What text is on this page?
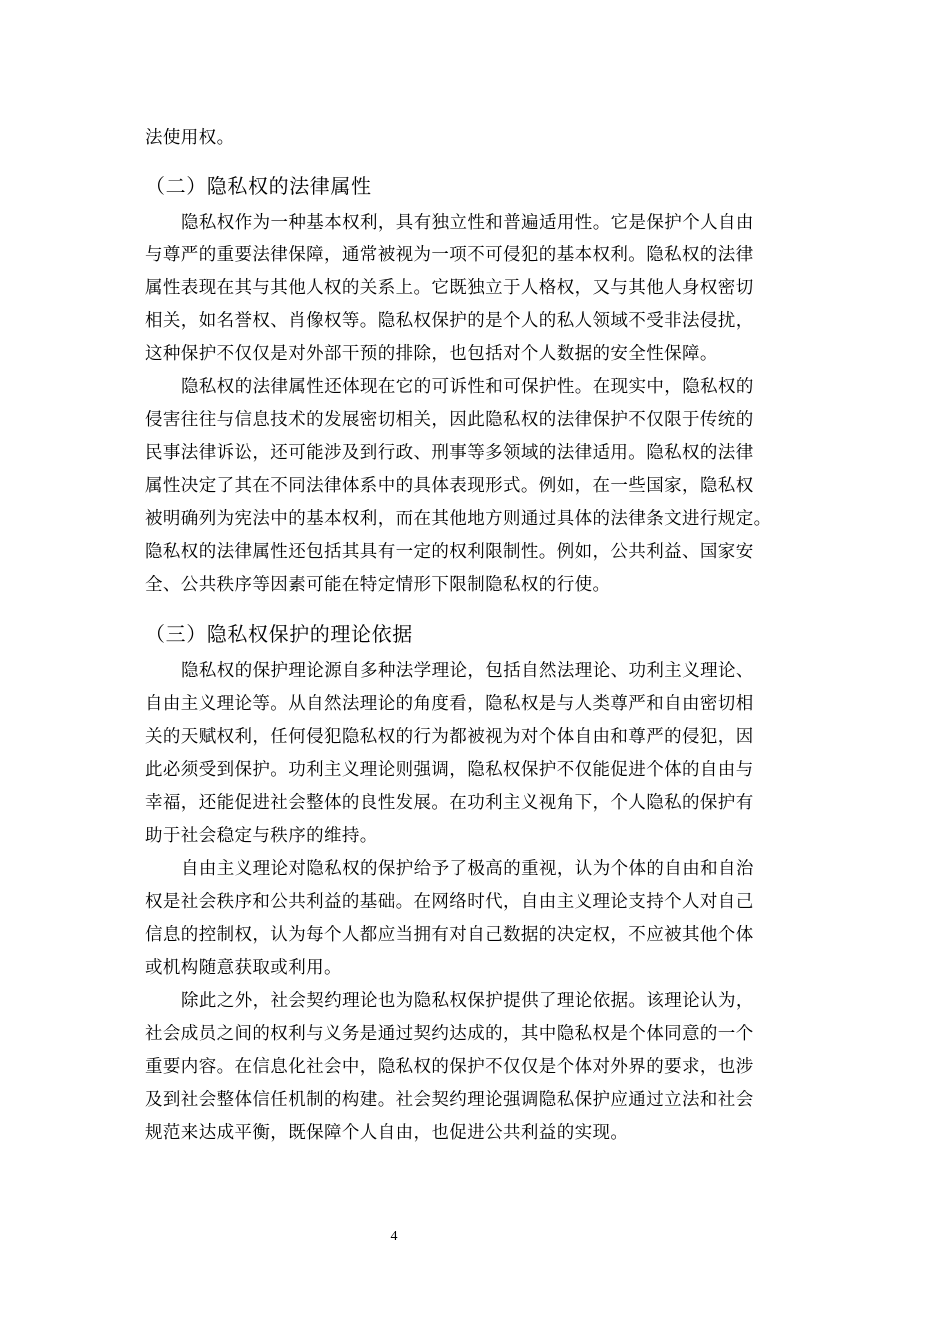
法使用权。
（二）隐私权的法律属性
隐私权作为一种基本权利，具有独立性和普遍适用性。它是保护个人自由
与尊严的重要法律保障，通常被视为一项不可侵犯的基本权利。隐私权的法律
属性表现在其与其他人权的关系上。它既独立于人格权，又与其他人身权密切
相关，如名誉权、肖像权等。隐私权保护的是个人的私人领域不受非法侵扰，
这种保护不仅仅是对外部干预的排除，也包括对个人数据的安全性保障。
隐私权的法律属性还体现在它的可诉性和可保护性。在现实中，隐私权的
侵害往往与信息技术的发展密切相关，因此隐私权的法律保护不仅限于传统的
民事法律诉讼，还可能涉及到行政、刑事等多领域的法律适用。隐私权的法律
属性决定了其在不同法律体系中的具体表现形式。例如，在一些国家，隐私权
被明确列为宪法中的基本权利，而在其他地方则通过具体的法律条文进行规定。
隐私权的法律属性还包括其具有一定的权利限制性。例如，公共利益、国家安
全、公共秩序等因素可能在特定情形下限制隐私权的行使。
（三）隐私权保护的理论依据
隐私权的保护理论源自多种法学理论，包括自然法理论、功利主义理论、
自由主义理论等。从自然法理论的角度看，隐私权是与人类尊严和自由密切相
关的天赋权利，任何侵犯隐私权的行为都被视为对个体自由和尊严的侵犯，因
此必须受到保护。功利主义理论则强调，隐私权保护不仅能促进个体的自由与
幸福，还能促进社会整体的良性发展。在功利主义视角下，个人隐私的保护有
助于社会稳定与秩序的维持。
自由主义理论对隐私权的保护给予了极高的重视，认为个体的自由和自治
权是社会秩序和公共利益的基础。在网络时代，自由主义理论支持个人对自己
信息的控制权，认为每个人都应当拥有对自己数据的决定权，不应被其他个体
或机构随意获取或利用。
除此之外，社会契约理论也为隐私权保护提供了理论依据。该理论认为，
社会成员之间的权利与义务是通过契约达成的，其中隐私权是个体同意的一个
重要内容。在信息化社会中，隐私权的保护不仅仅是个体对外界的要求，也涉
及到社会整体信任机制的构建。社会契约理论强调隐私保护应通过立法和社会
规范来达成平衡，既保障个人自由，也促进公共利益的实现。
4
